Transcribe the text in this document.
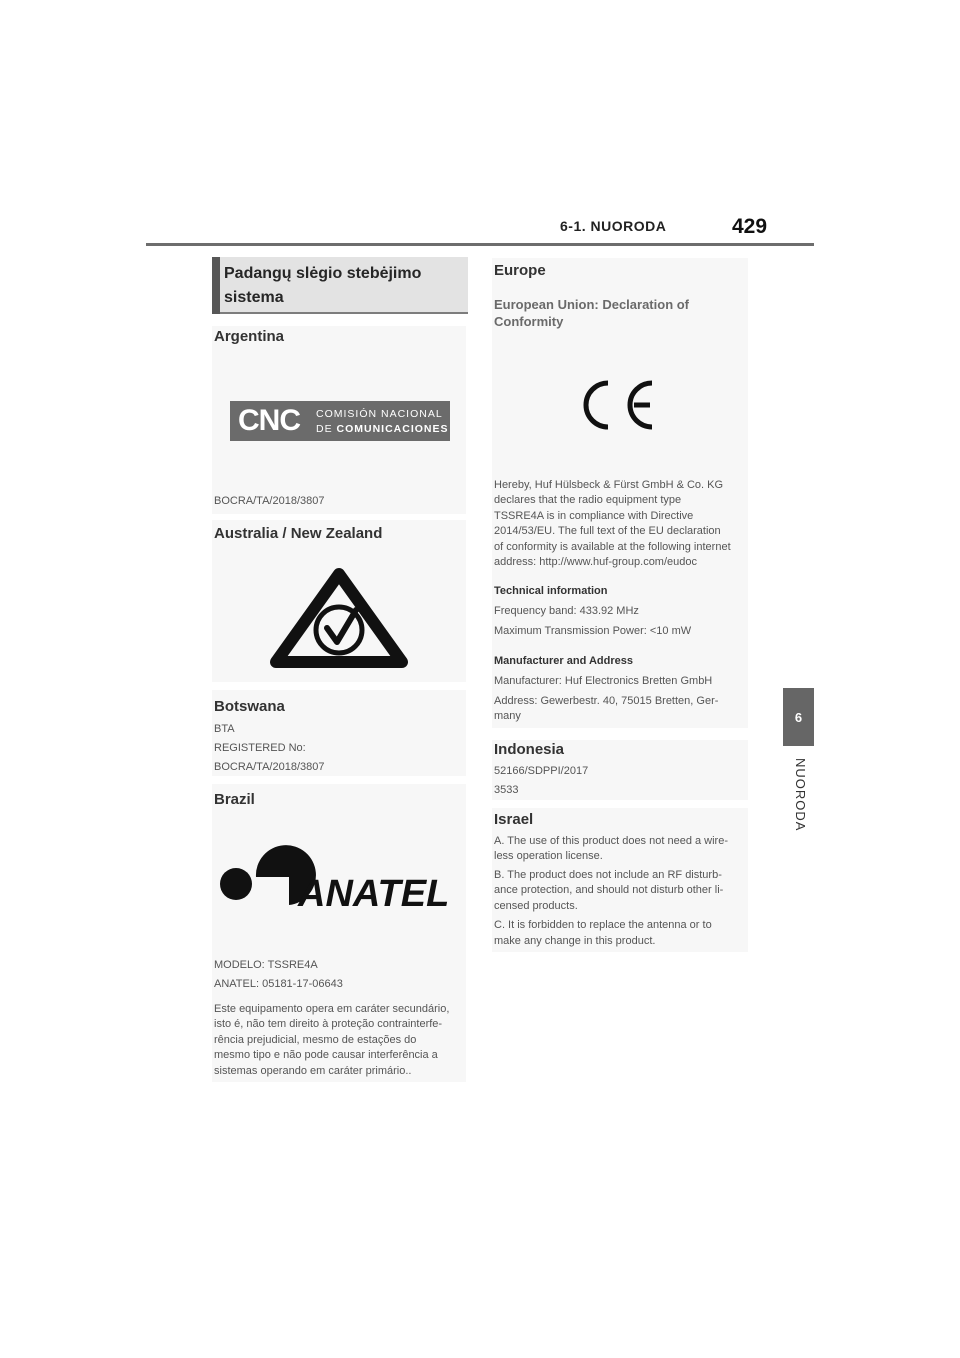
6-1. NUORODA	429
6
NUORODA
Padangų slėgio stebėjimo sistema
Argentina
CNC COMISIÓN NACIONAL
DE COMUNICACIONES
BOCRA/TA/2018/3807
Australia / New Zealand
Botswana
BTA
REGISTERED No:
BOCRA/TA/2018/3807
Brazil
ANATEL
MODELO: TSSRE4A
ANATEL: 05181-17-06643
Este equipamento opera em caráter secundário,
isto é, não tem direito à proteção contrainterfe-
rência prejudicial, mesmo de estações do
mesmo tipo e não pode causar interferência a
sistemas operando em caráter primário..
Europe
European Union: Declaration of
Conformity
Hereby, Huf Hülsbeck & Fürst GmbH & Co. KG
declares that the radio equipment type
TSSRE4A is in compliance with Directive
2014/53/EU. The full text of the EU declaration
of conformity is available at the following internet
address: http://www.huf-group.com/eudoc
Technical information
Frequency band: 433.92 MHz
Maximum Transmission Power: <10 mW
Manufacturer and Address
Manufacturer: Huf Electronics Bretten GmbH
Address: Gewerbestr. 40, 75015 Bretten, Ger-
many
Indonesia
52166/SDPPI/2017
3533
Israel
A. The use of this product does not need a wire-
less operation license.
B. The product does not include an RF disturb-
ance protection, and should not disturb other li-
censed products.
C. It is forbidden to replace the antenna or to
make any change in this product.
